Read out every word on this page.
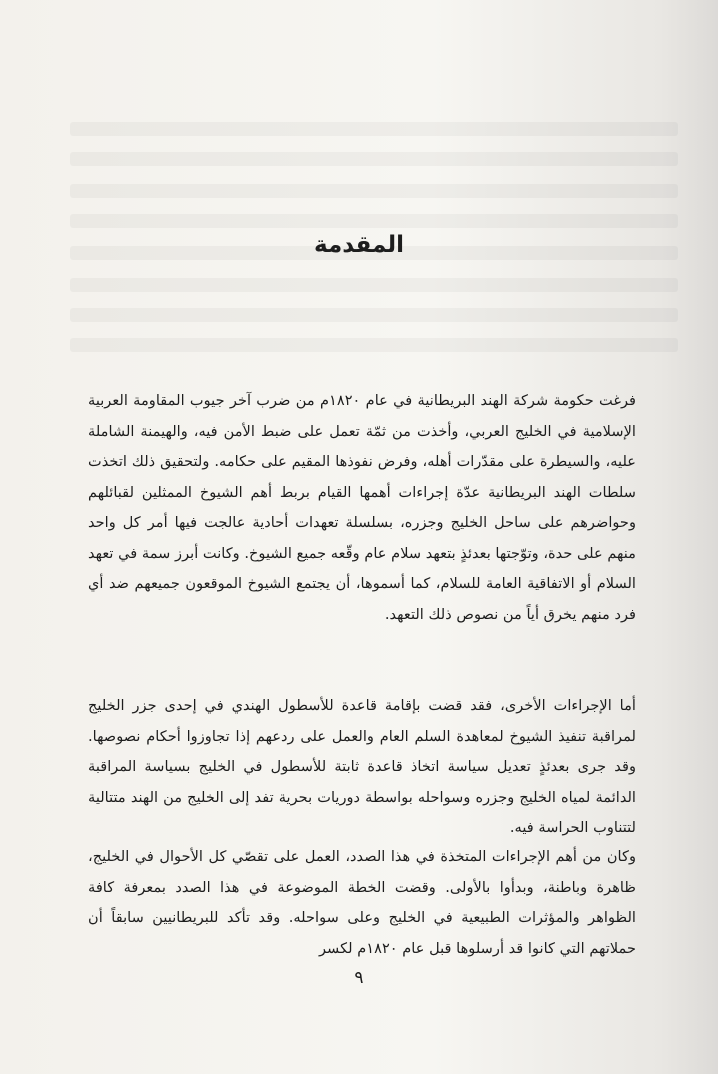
المقدمة

فرغت حكومة شركة الهند البريطانية في عام ١٨٢٠م من ضرب آخر جيوب المقاومة العربية الإسلامية في الخليج العربي، وأخذت من ثمّة تعمل على ضبط الأمن فيه، والهيمنة الشاملة عليه، والسيطرة على مقدّرات أهله، وفرض نفوذها المقيم على حكامه. ولتحقيق ذلك اتخذت سلطات الهند البريطانية عدّة إجراءات أهمها القيام بربط أهم الشيوخ الممثلين لقبائلهم وحواضرهم على ساحل الخليج وجزره، بسلسلة تعهدات أحادية عالجت فيها أمر كل واحد منهم على حدة، وتوّجتها بعدئذٍ بتعهد سلام عام وقّعه جميع الشيوخ. وكانت أبرز سمة في تعهد السلام أو الاتفاقية العامة للسلام، كما أسموها، أن يجتمع الشيوخ الموقعون جميعهم ضد أي فرد منهم يخرق أياً من نصوص ذلك التعهد.

أما الإجراءات الأخرى، فقد قضت بإقامة قاعدة للأسطول الهندي في إحدى جزر الخليج لمراقبة تنفيذ الشيوخ لمعاهدة السلم العام والعمل على ردعهم إذا تجاوزوا أحكام نصوصها. وقد جرى بعدئذٍ تعديل سياسة اتخاذ قاعدة ثابتة للأسطول في الخليج بسياسة المراقبة الدائمة لمياه الخليج وجزره وسواحله بواسطة دوريات بحرية تفد إلى الخليج من الهند متتالية لتتناوب الحراسة فيه.

وكان من أهم الإجراءات المتخذة في هذا الصدد، العمل على تقصّي كل الأحوال في الخليج، ظاهرة وباطنة، وبدأوا بالأولى. وقضت الخطة الموضوعة في هذا الصدد بمعرفة كافة الظواهر والمؤثرات الطبيعية في الخليج وعلى سواحله. وقد تأكد للبريطانيين سابقاً أن حملاتهم التي كانوا قد أرسلوها قبل عام ١٨٢٠م لكسر

٩
